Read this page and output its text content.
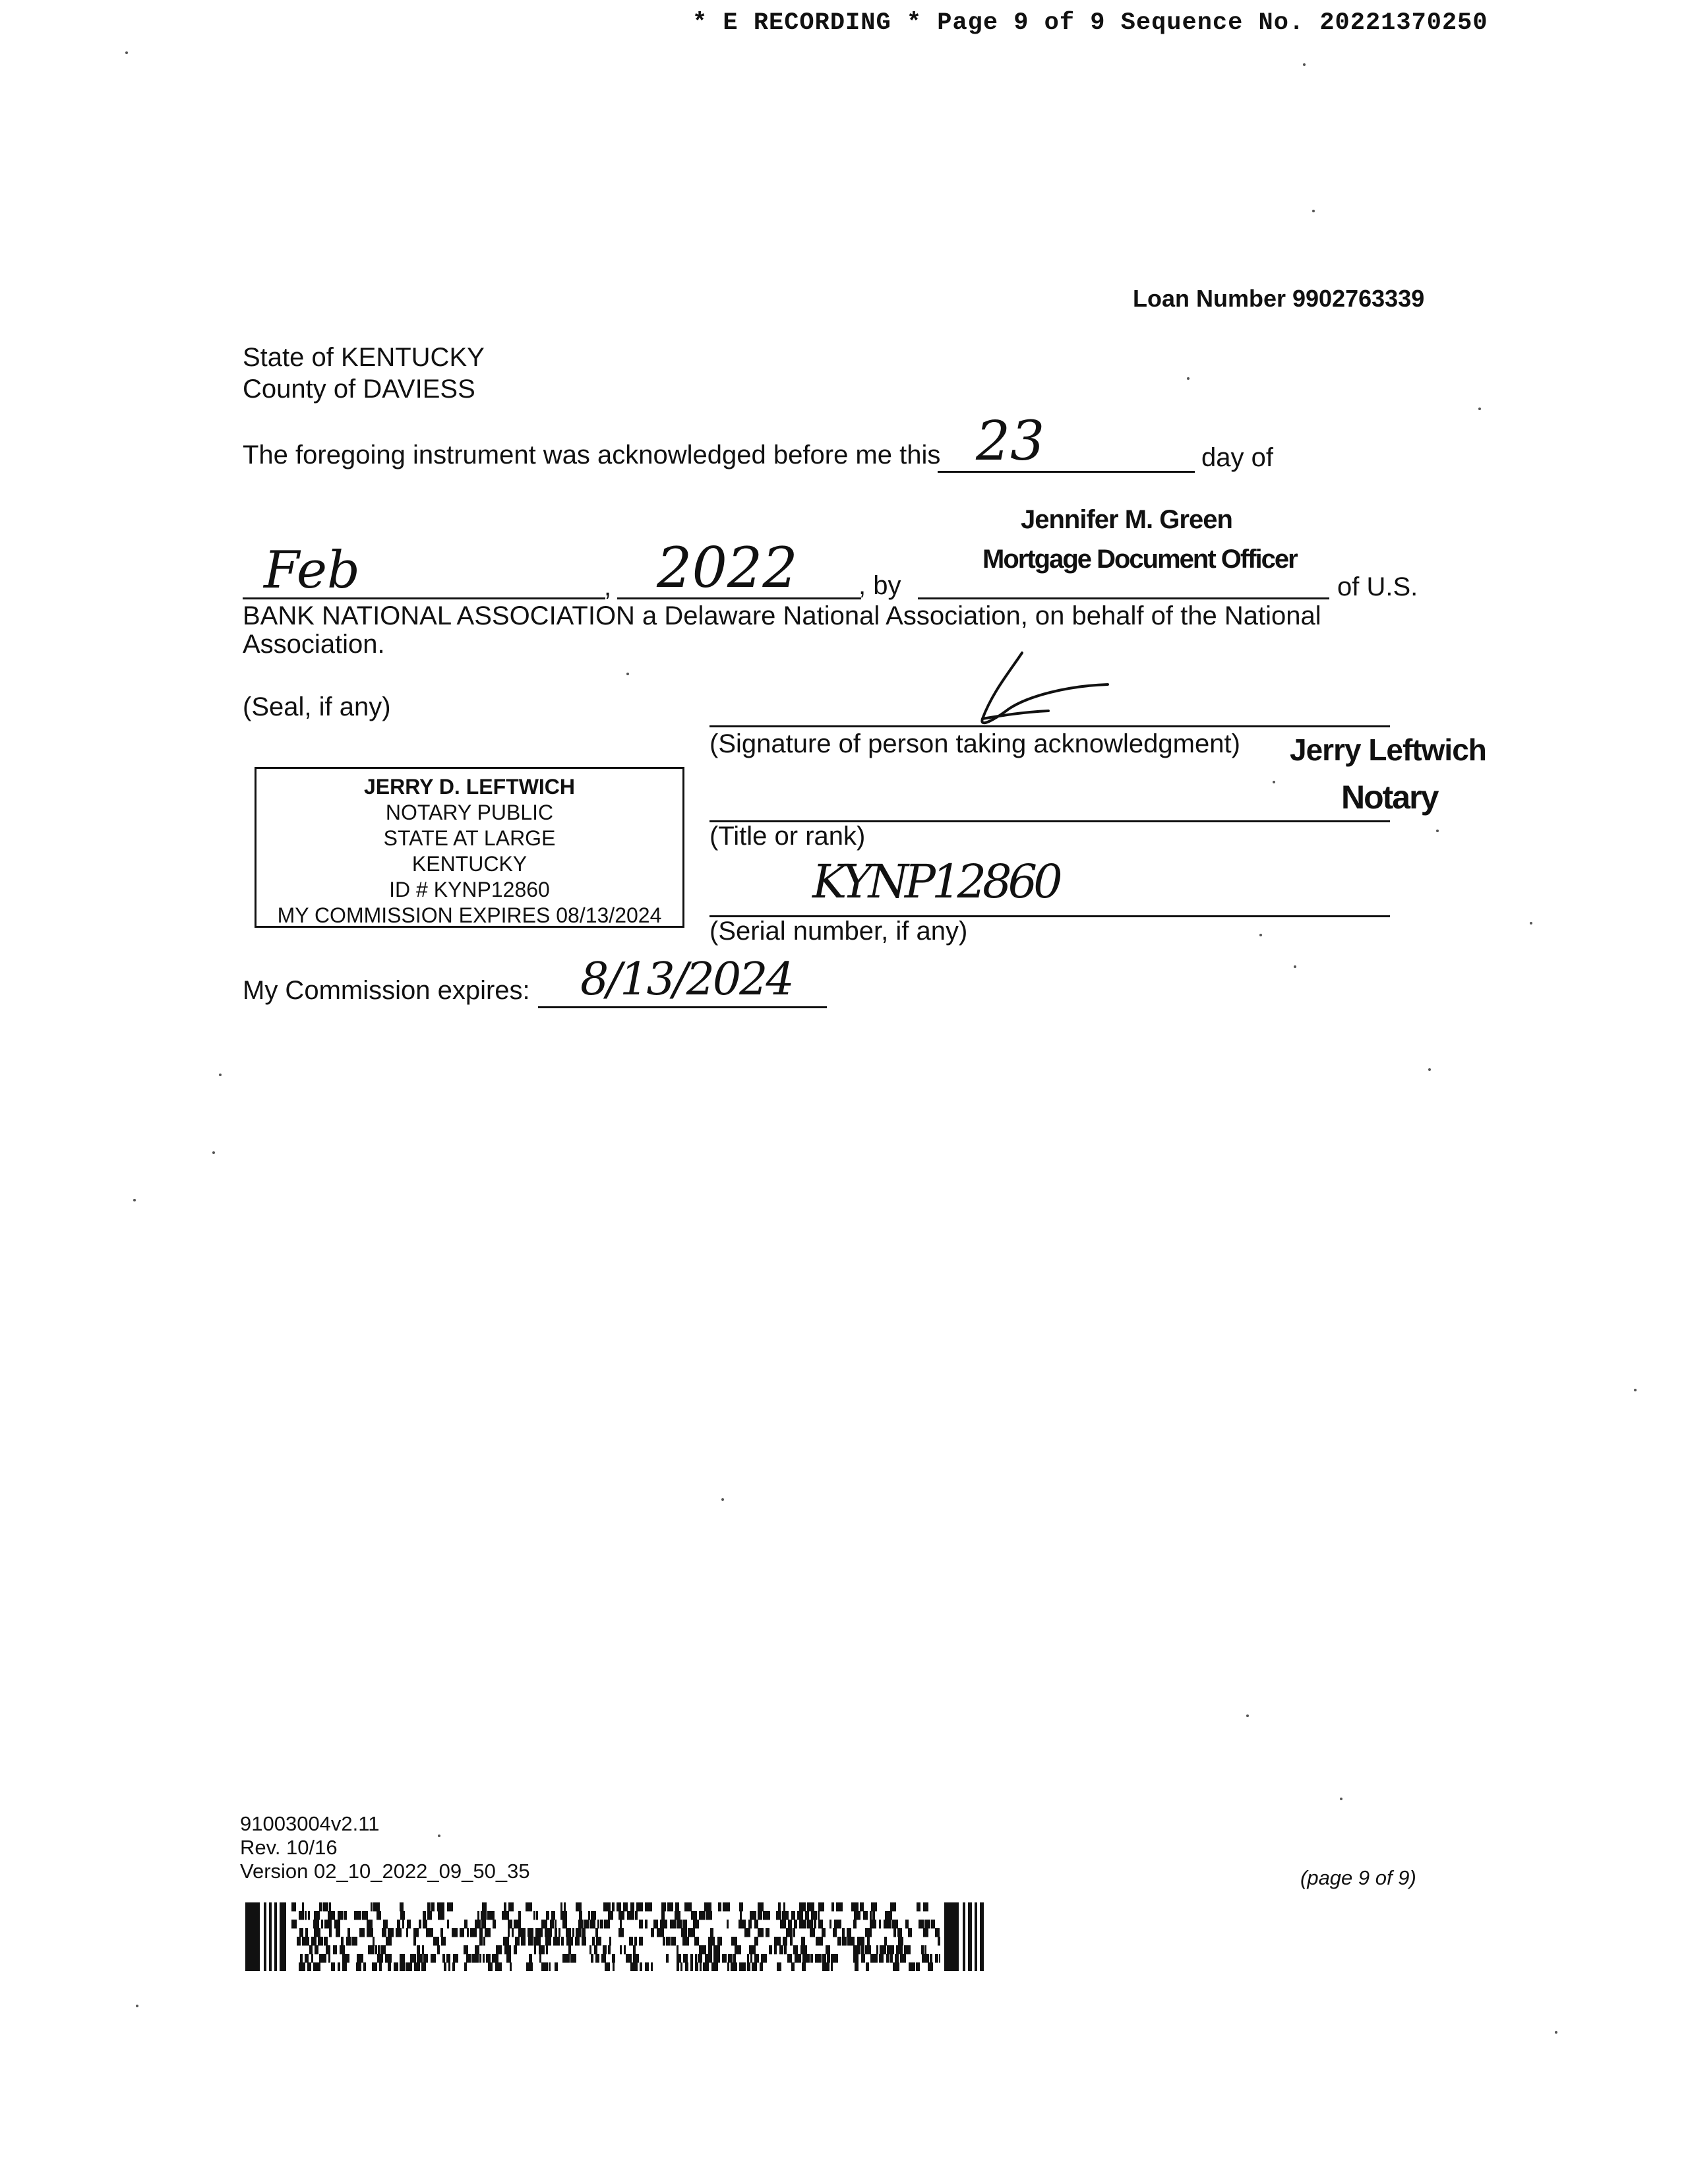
* E RECORDING * Page 9 of 9 Sequence No. 20221370250
Loan Number 9902763339
State of KENTUCKY
County of DAVIESS
The foregoing instrument was acknowledged before me this 23	day of
Jennifer M. Green
Mortgage Document Officer
Feb	, 2022 , by	of U.S.
BANK NATIONAL ASSOCIATION a Delaware National Association, on behalf of the National
Association.
(Seal, if any)
(Signature of person taking acknowledgment) Jerry Leftwich
Notary
(Title or rank)
KYNP12860
(Serial number, if any)
JERRY D. LEFTWICH
NOTARY PUBLIC
STATE AT LARGE
KENTUCKY
ID # KYNP12860
MY COMMISSION EXPIRES 08/13/2024
My Commission expires: 8/13/2024
91003004v2.11
Rev. 10/16
Version 02_10_2022_09_50_35	(page 9 of 9)
